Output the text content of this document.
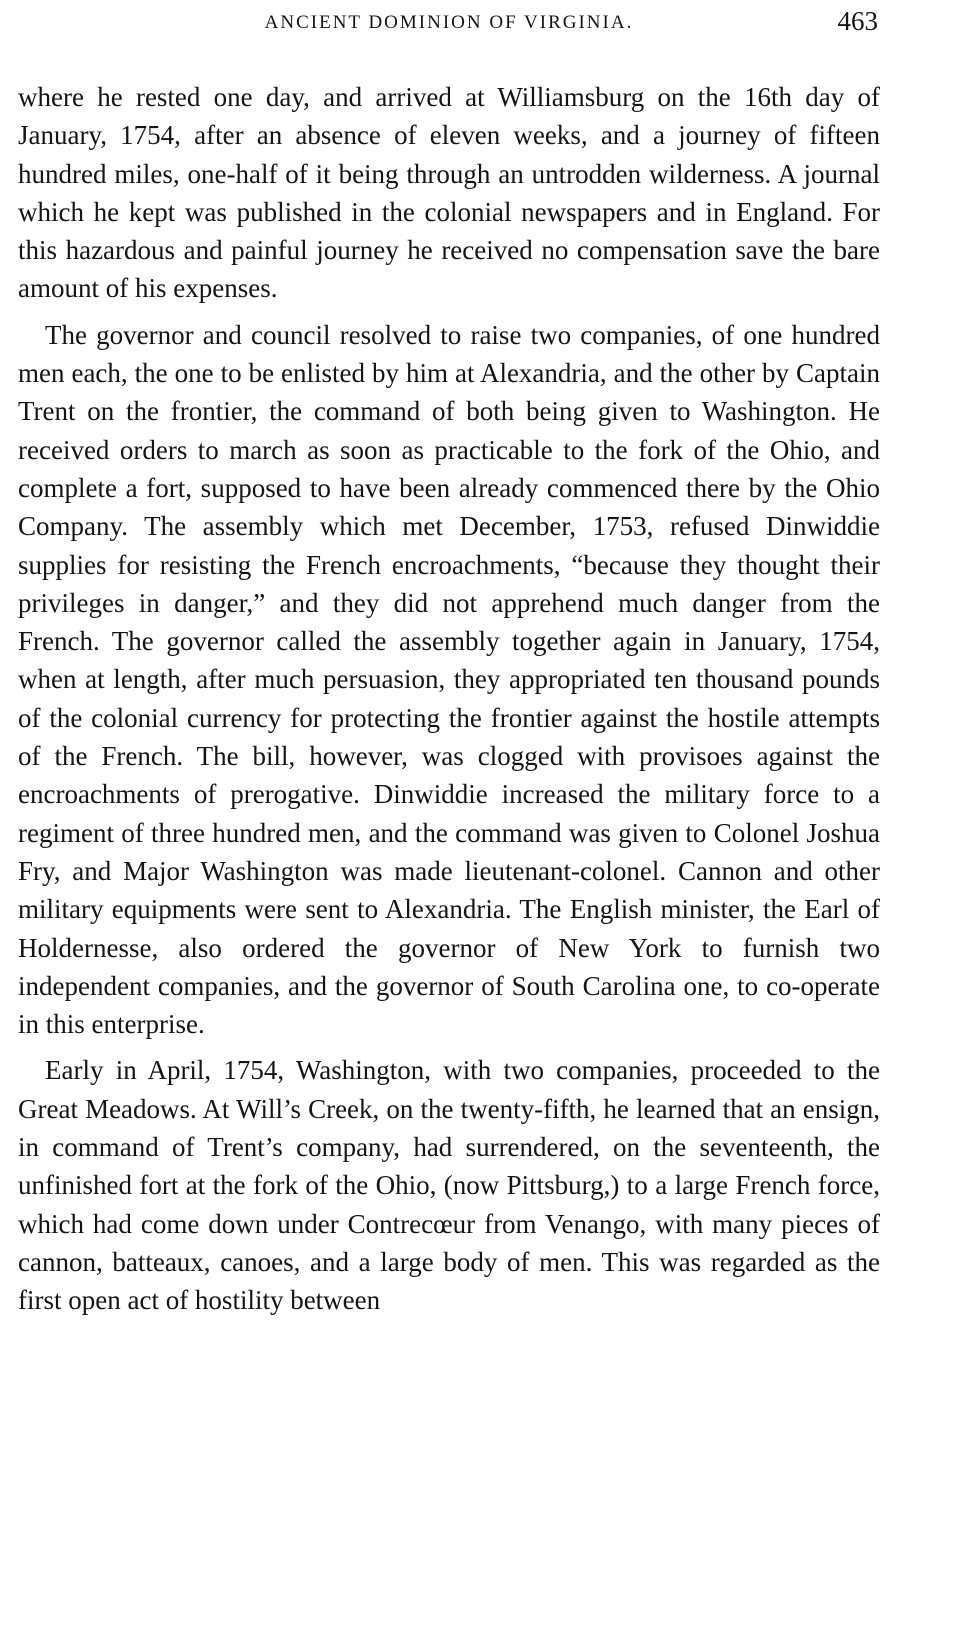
ANCIENT DOMINION OF VIRGINIA.	463

where he rested one day, and arrived at Williamsburg on the 16th day of January, 1754, after an absence of eleven weeks, and a journey of fifteen hundred miles, one-half of it being through an untrodden wilderness. A journal which he kept was published in the colonial newspapers and in England. For this hazardous and painful journey he received no compensation save the bare amount of his expenses.

The governor and council resolved to raise two companies, of one hundred men each, the one to be enlisted by him at Alexandria, and the other by Captain Trent on the frontier, the command of both being given to Washington. He received orders to march as soon as practicable to the fork of the Ohio, and complete a fort, supposed to have been already commenced there by the Ohio Company. The assembly which met December, 1753, refused Dinwiddie supplies for resisting the French encroachments, “because they thought their privileges in danger,” and they did not apprehend much danger from the French. The governor called the assembly together again in January, 1754, when at length, after much persuasion, they appropriated ten thousand pounds of the colonial currency for protecting the frontier against the hostile attempts of the French. The bill, however, was clogged with provisoes against the encroachments of prerogative. Dinwiddie increased the military force to a regiment of three hundred men, and the command was given to Colonel Joshua Fry, and Major Washington was made lieutenant-colonel. Cannon and other military equipments were sent to Alexandria. The English minister, the Earl of Holdernesse, also ordered the governor of New York to furnish two independent companies, and the governor of South Carolina one, to co-operate in this enterprise.

Early in April, 1754, Washington, with two companies, proceeded to the Great Meadows. At Will’s Creek, on the twenty-fifth, he learned that an ensign, in command of Trent’s company, had surrendered, on the seventeenth, the unfinished fort at the fork of the Ohio, (now Pittsburg,) to a large French force, which had come down under Contrecœur from Venango, with many pieces of cannon, batteaux, canoes, and a large body of men. This was regarded as the first open act of hostility between
